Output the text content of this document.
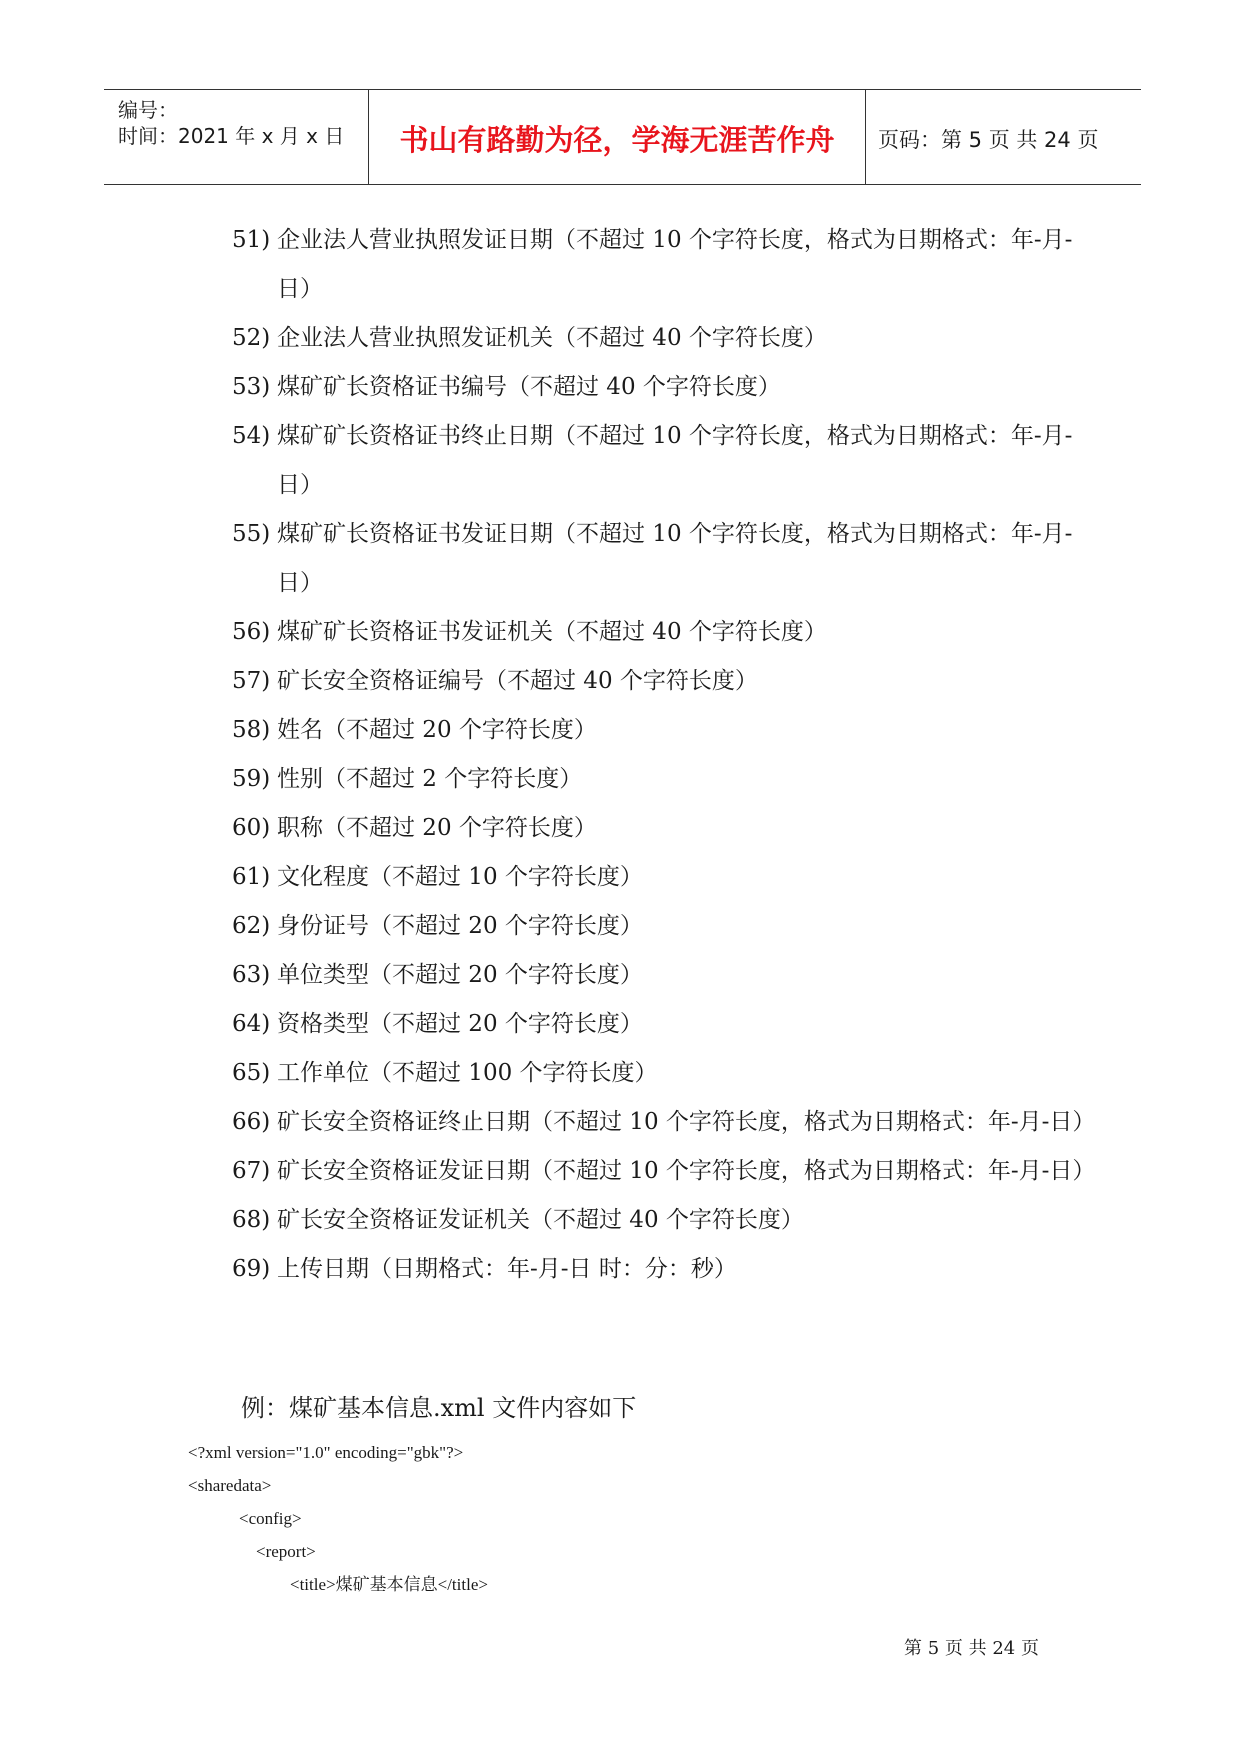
编号：
时间：2021 年 x 月 x 日	书山有路勤为径，学海无涯苦作舟	页码：第 5 页 共 24 页
51) 企业法人营业执照发证日期（不超过 10 个字符长度，格式为日期格式：年-月-日）
52) 企业法人营业执照发证机关（不超过 40 个字符长度）
53) 煤矿矿长资格证书编号（不超过 40 个字符长度）
54) 煤矿矿长资格证书终止日期（不超过 10 个字符长度，格式为日期格式：年-月-日）
55) 煤矿矿长资格证书发证日期（不超过 10 个字符长度，格式为日期格式：年-月-日）
56) 煤矿矿长资格证书发证机关（不超过 40 个字符长度）
57) 矿长安全资格证编号（不超过 40 个字符长度）
58) 姓名（不超过 20 个字符长度）
59) 性别（不超过 2 个字符长度）
60) 职称（不超过 20 个字符长度）
61) 文化程度（不超过 10 个字符长度）
62) 身份证号（不超过 20 个字符长度）
63) 单位类型（不超过 20 个字符长度）
64) 资格类型（不超过 20 个字符长度）
65) 工作单位（不超过 100 个字符长度）
66) 矿长安全资格证终止日期（不超过 10 个字符长度，格式为日期格式：年-月-日）
67) 矿长安全资格证发证日期（不超过 10 个字符长度，格式为日期格式：年-月-日）
68) 矿长安全资格证发证机关（不超过 40 个字符长度）
69) 上传日期（日期格式：年-月-日 时：分：秒）
例：煤矿基本信息.xml 文件内容如下
<?xml version="1.0" encoding="gbk"?>
<sharedata>
<config>
<report>
<title>煤矿基本信息</title>
第 5 页 共 24 页
